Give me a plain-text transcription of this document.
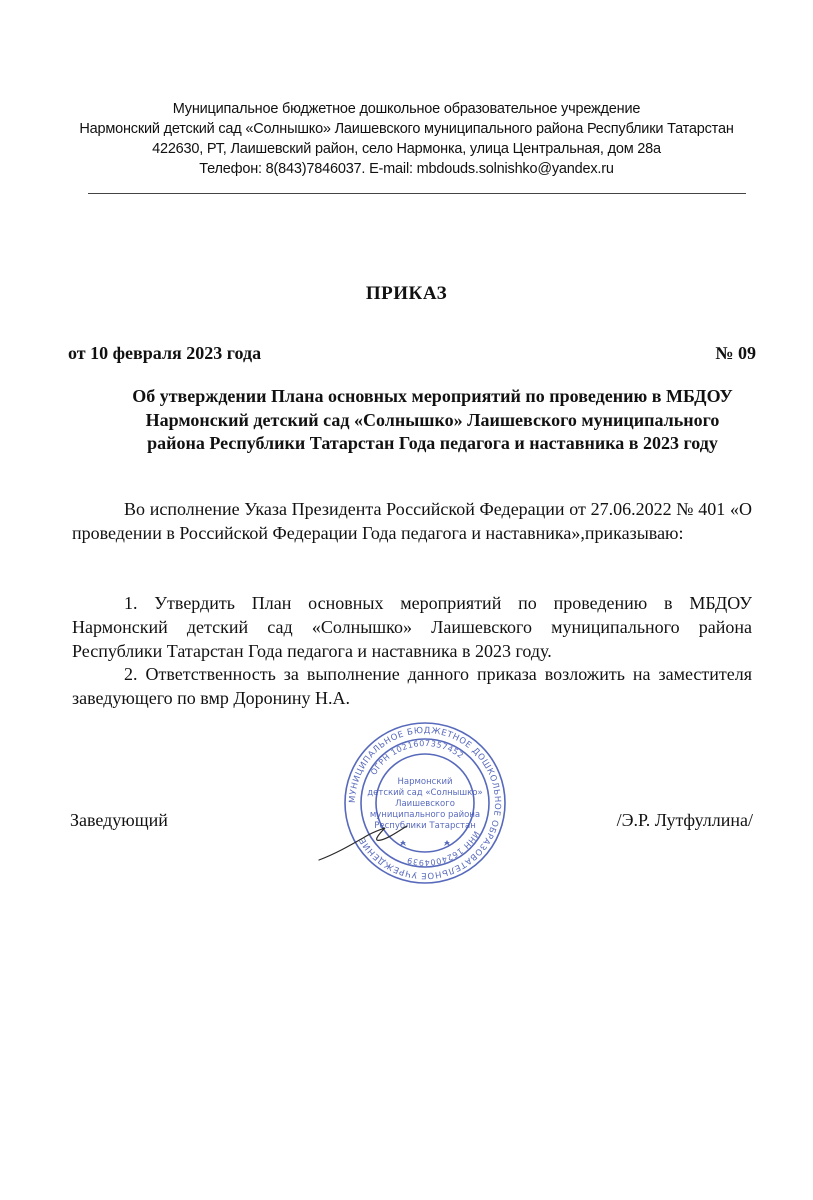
Муниципальное бюджетное дошкольное образовательное учреждение
Нармонский детский сад «Солнышко» Лаишевского муниципального района Республики Татарстан
422630, РТ, Лаишевский район, село Нармонка, улица Центральная, дом 28а
Телефон: 8(843)7846037. E-mail: mbdouds.solnishko@yandex.ru
ПРИКАЗ
от 10 февраля 2023 года	№ 09
Об утверждении Плана основных мероприятий по проведению в МБДОУ Нармонский детский сад «Солнышко» Лаишевского муниципального района Республики Татарстан Года педагога и наставника в 2023 году
Во исполнение Указа Президента Российской Федерации от 27.06.2022 № 401 «О проведении в Российской Федерации Года педагога и наставника»,приказываю:
1. Утвердить План основных мероприятий по проведению в МБДОУ Нармонский детский сад «Солнышко» Лаишевского муниципального района Республики Татарстан Года педагога и наставника в 2023 году.
2. Ответственность за выполнение данного приказа возложить на заместителя заведующего по вмр Доронину Н.А.
Заведующий	/Э.Р. Лутфуллина/
МУНИЦИПАЛЬНОЕ БЮДЖЕТНОЕ ДОШКОЛЬНОЕ ОБРАЗОВАТЕЛЬНОЕ УЧРЕЖДЕНИЕ
ОГРН 1021607357452
ИНН 1624004939
Нармонский
детский сад «Солнышко»
Лаишевского
муниципального района
Республики Татарстан
